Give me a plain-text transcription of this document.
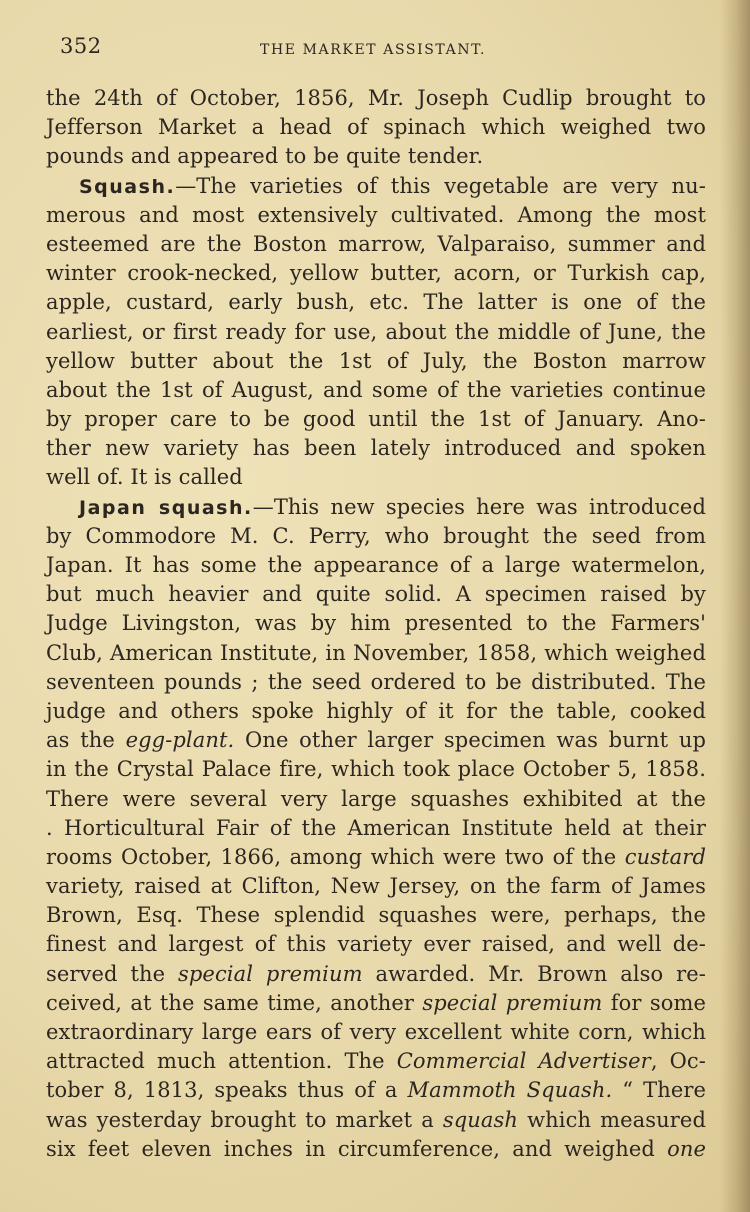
352	THE MARKET ASSISTANT.
the 24th of October, 1856, Mr. Joseph Cudlip brought to
Jefferson Market a head of spinach which weighed two
pounds and appeared to be quite tender.
Squash.—The varieties of this vegetable are very nu-
merous and most extensively cultivated. Among the most
esteemed are the Boston marrow, Valparaiso, summer and
winter crook-necked, yellow butter, acorn, or Turkish cap,
apple, custard, early bush, etc. The latter is one of the
earliest, or first ready for use, about the middle of June, the
yellow butter about the 1st of July, the Boston marrow
about the 1st of August, and some of the varieties continue
by proper care to be good until the 1st of January. Ano-
ther new variety has been lately introduced and spoken
well of. It is called
Japan squash.—This new species here was introduced
by Commodore M. C. Perry, who brought the seed from
Japan. It has some the appearance of a large watermelon,
but much heavier and quite solid. A specimen raised by
Judge Livingston, was by him presented to the Farmers'
Club, American Institute, in November, 1858, which weighed
seventeen pounds ; the seed ordered to be distributed. The
judge and others spoke highly of it for the table, cooked
as the egg-plant. One other larger specimen was burnt up
in the Crystal Palace fire, which took place October 5, 1858.
There were several very large squashes exhibited at the
. Horticultural Fair of the American Institute held at their
rooms October, 1866, among which were two of the custard
variety, raised at Clifton, New Jersey, on the farm of James
Brown, Esq. These splendid squashes were, perhaps, the
finest and largest of this variety ever raised, and well de-
served the special premium awarded. Mr. Brown also re-
ceived, at the same time, another special premium for some
extraordinary large ears of very excellent white corn, which
attracted much attention. The Commercial Advertiser, Oc-
tober 8, 1813, speaks thus of a Mammoth Squash. “ There
was yesterday brought to market a squash which measured
six feet eleven inches in circumference, and weighed one
